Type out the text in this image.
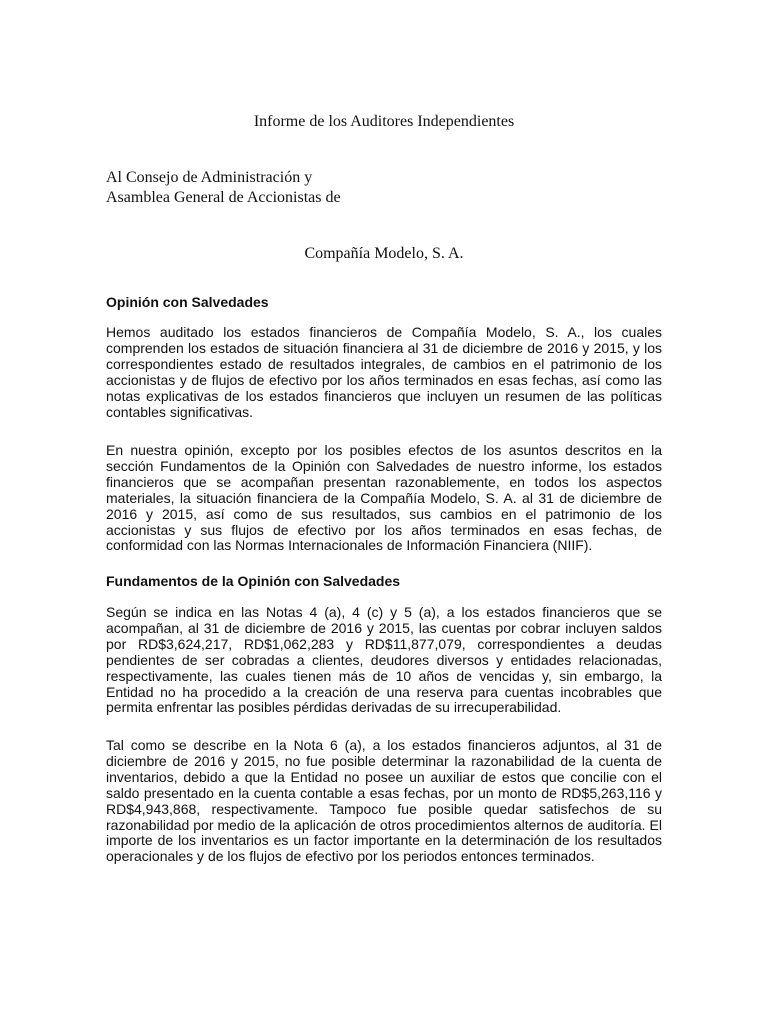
Informe de los Auditores Independientes
Al Consejo de Administración y
Asamblea General de Accionistas de
Compañía Modelo, S. A.
Opinión con Salvedades
Hemos auditado los estados financieros de Compañía Modelo, S. A., los cuales comprenden los estados de situación financiera al 31 de diciembre de 2016 y 2015, y los correspondientes estado de resultados integrales, de cambios en el patrimonio de los accionistas y de flujos de efectivo por los años terminados en esas fechas, así como las notas explicativas de los estados financieros que incluyen un resumen de las políticas contables significativas.
En nuestra opinión, excepto por los posibles efectos de los asuntos descritos en la sección Fundamentos de la Opinión con Salvedades de nuestro informe, los estados financieros que se acompañan presentan razonablemente, en todos los aspectos materiales, la situación financiera de la Compañía Modelo, S. A. al 31 de diciembre de 2016 y 2015, así como de sus resultados, sus cambios en el patrimonio de los accionistas y sus flujos de efectivo por los años terminados en esas fechas, de conformidad con las Normas Internacionales de Información Financiera (NIIF).
Fundamentos de la Opinión con Salvedades
Según se indica en las Notas 4 (a), 4 (c) y 5 (a), a los estados financieros que se acompañan, al 31 de diciembre de 2016 y 2015, las cuentas por cobrar incluyen saldos por RD$3,624,217, RD$1,062,283 y RD$11,877,079, correspondientes a deudas pendientes de ser cobradas a clientes, deudores diversos y entidades relacionadas, respectivamente, las cuales tienen más de 10 años de vencidas y, sin embargo, la Entidad no ha procedido a la creación de una reserva para cuentas incobrables que permita enfrentar las posibles pérdidas derivadas de su irrecuperabilidad.
Tal como se describe en la Nota 6 (a), a los estados financieros adjuntos, al 31 de diciembre de 2016 y 2015, no fue posible determinar la razonabilidad de la cuenta de inventarios, debido a que la Entidad no posee un auxiliar de estos que concilie con el saldo presentado en la cuenta contable a esas fechas, por un monto de RD$5,263,116 y RD$4,943,868, respectivamente. Tampoco fue posible quedar satisfechos de su razonabilidad por medio de la aplicación de otros procedimientos alternos de auditoría. El importe de los inventarios es un factor importante en la determinación de los resultados operacionales y de los flujos de efectivo por los periodos entonces terminados.
